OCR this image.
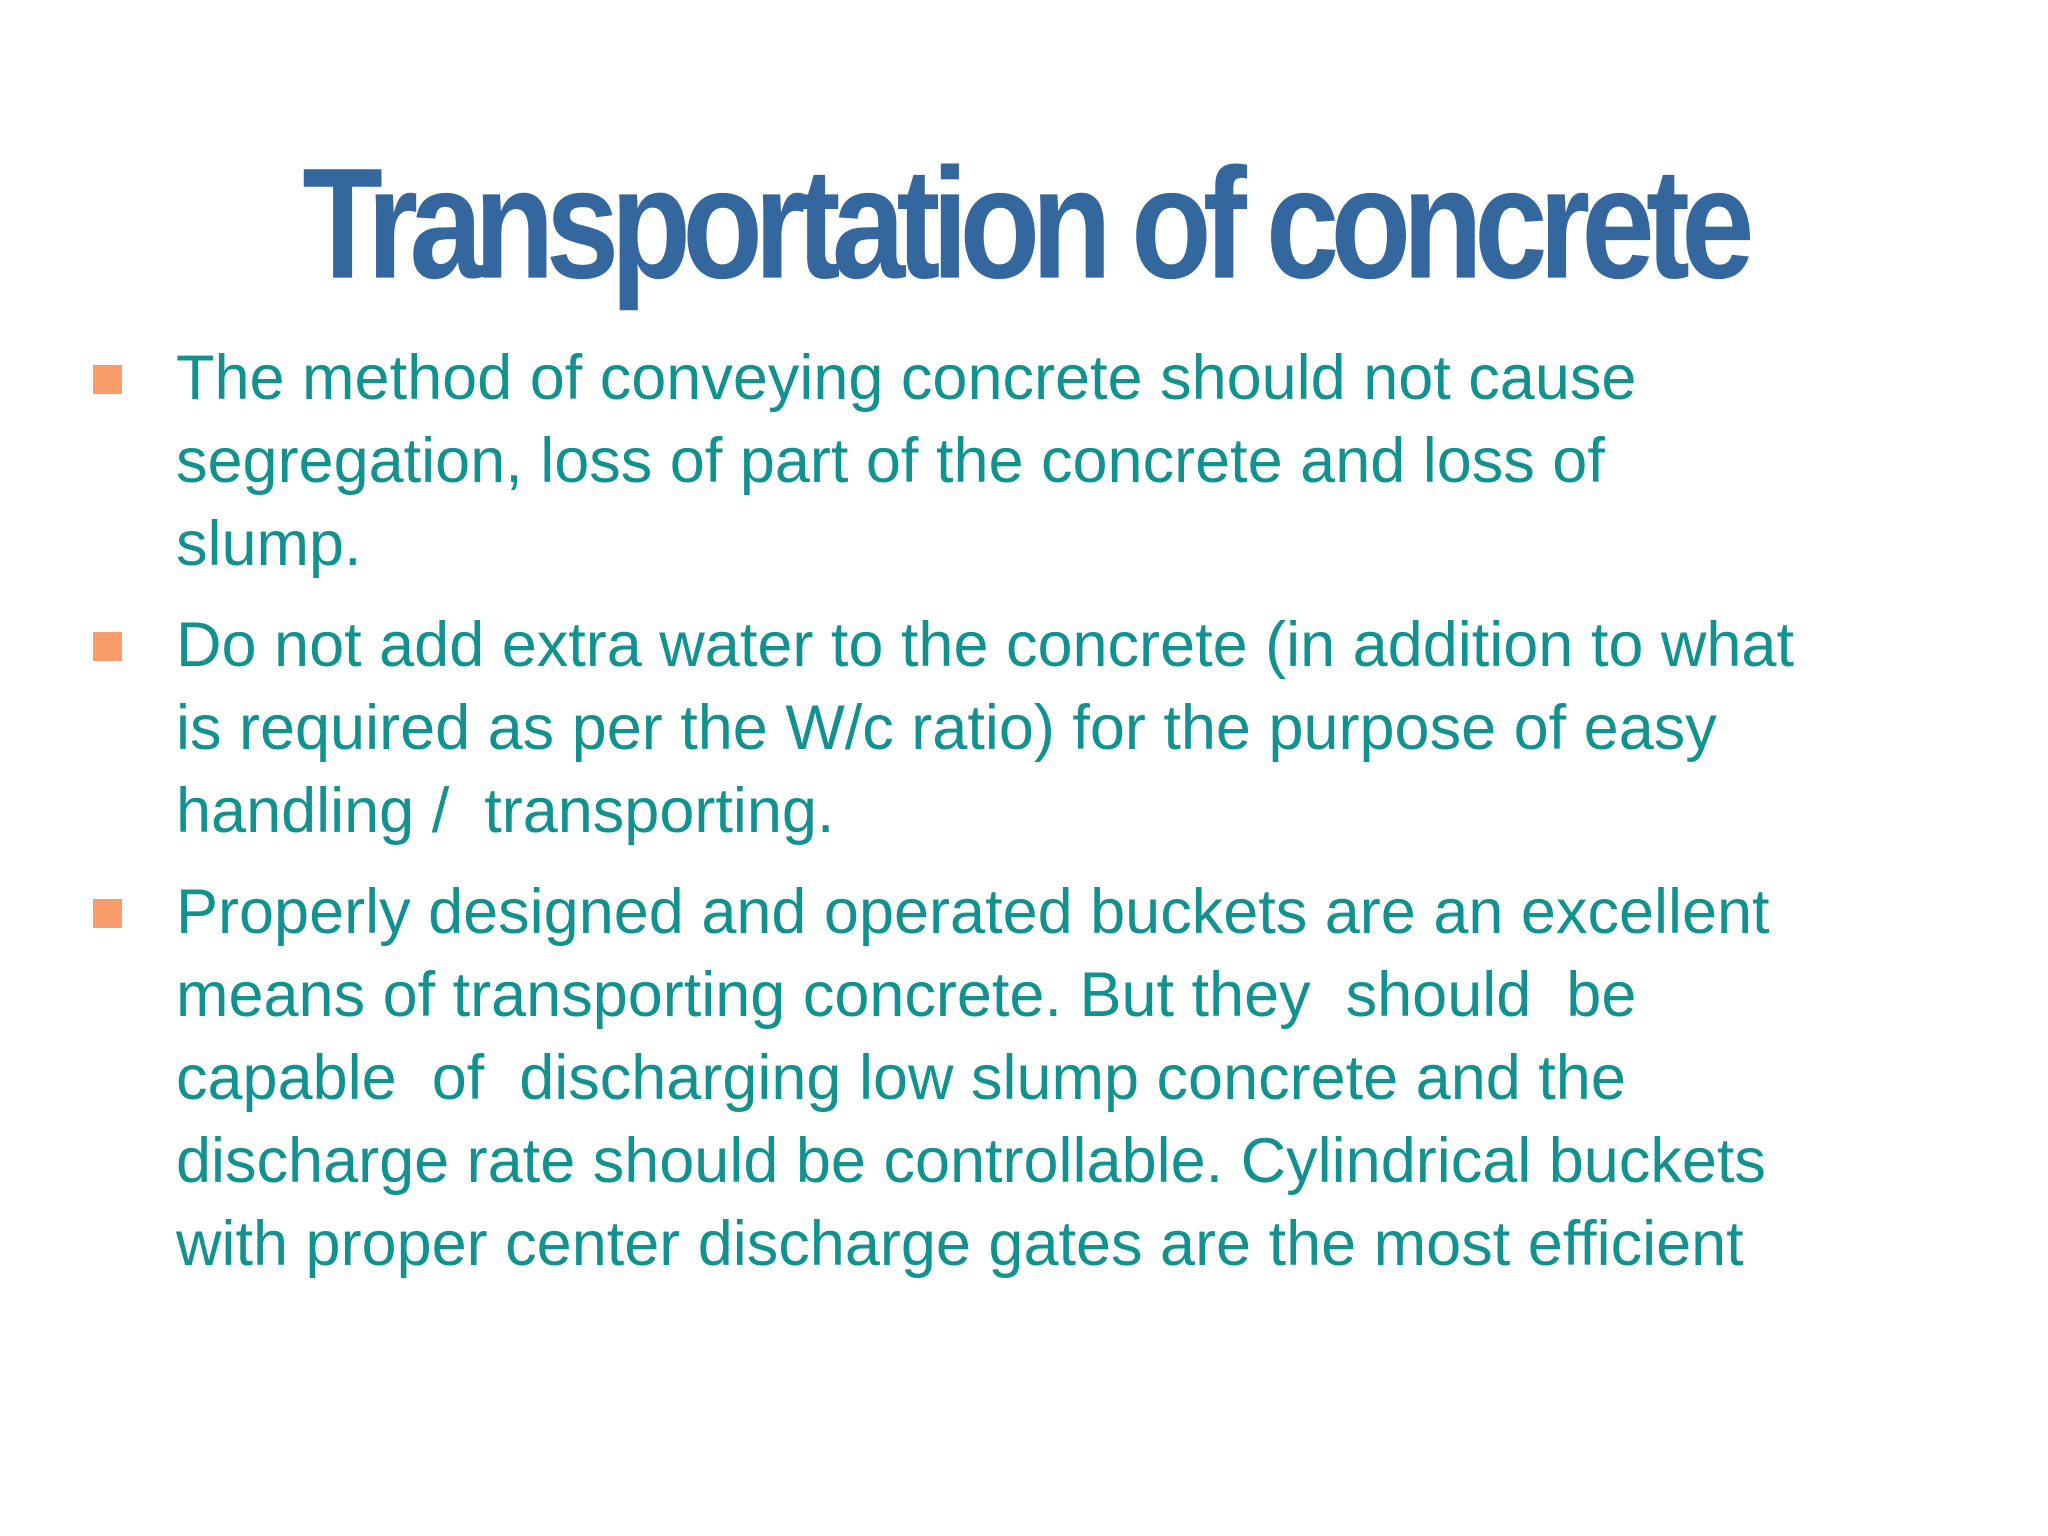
Transportation of concrete
The method of conveying concrete should not cause
segregation, loss of part of the concrete and loss of
slump.
Do not add extra water to the concrete (in addition to what
is required as per the W/c ratio) for the purpose of easy
handling /  transporting.
Properly designed and operated buckets are an excellent
means of transporting concrete. But they  should  be
capable  of  discharging low slump concrete and the
discharge rate should be controllable. Cylindrical buckets
with proper center discharge gates are the most efficient
